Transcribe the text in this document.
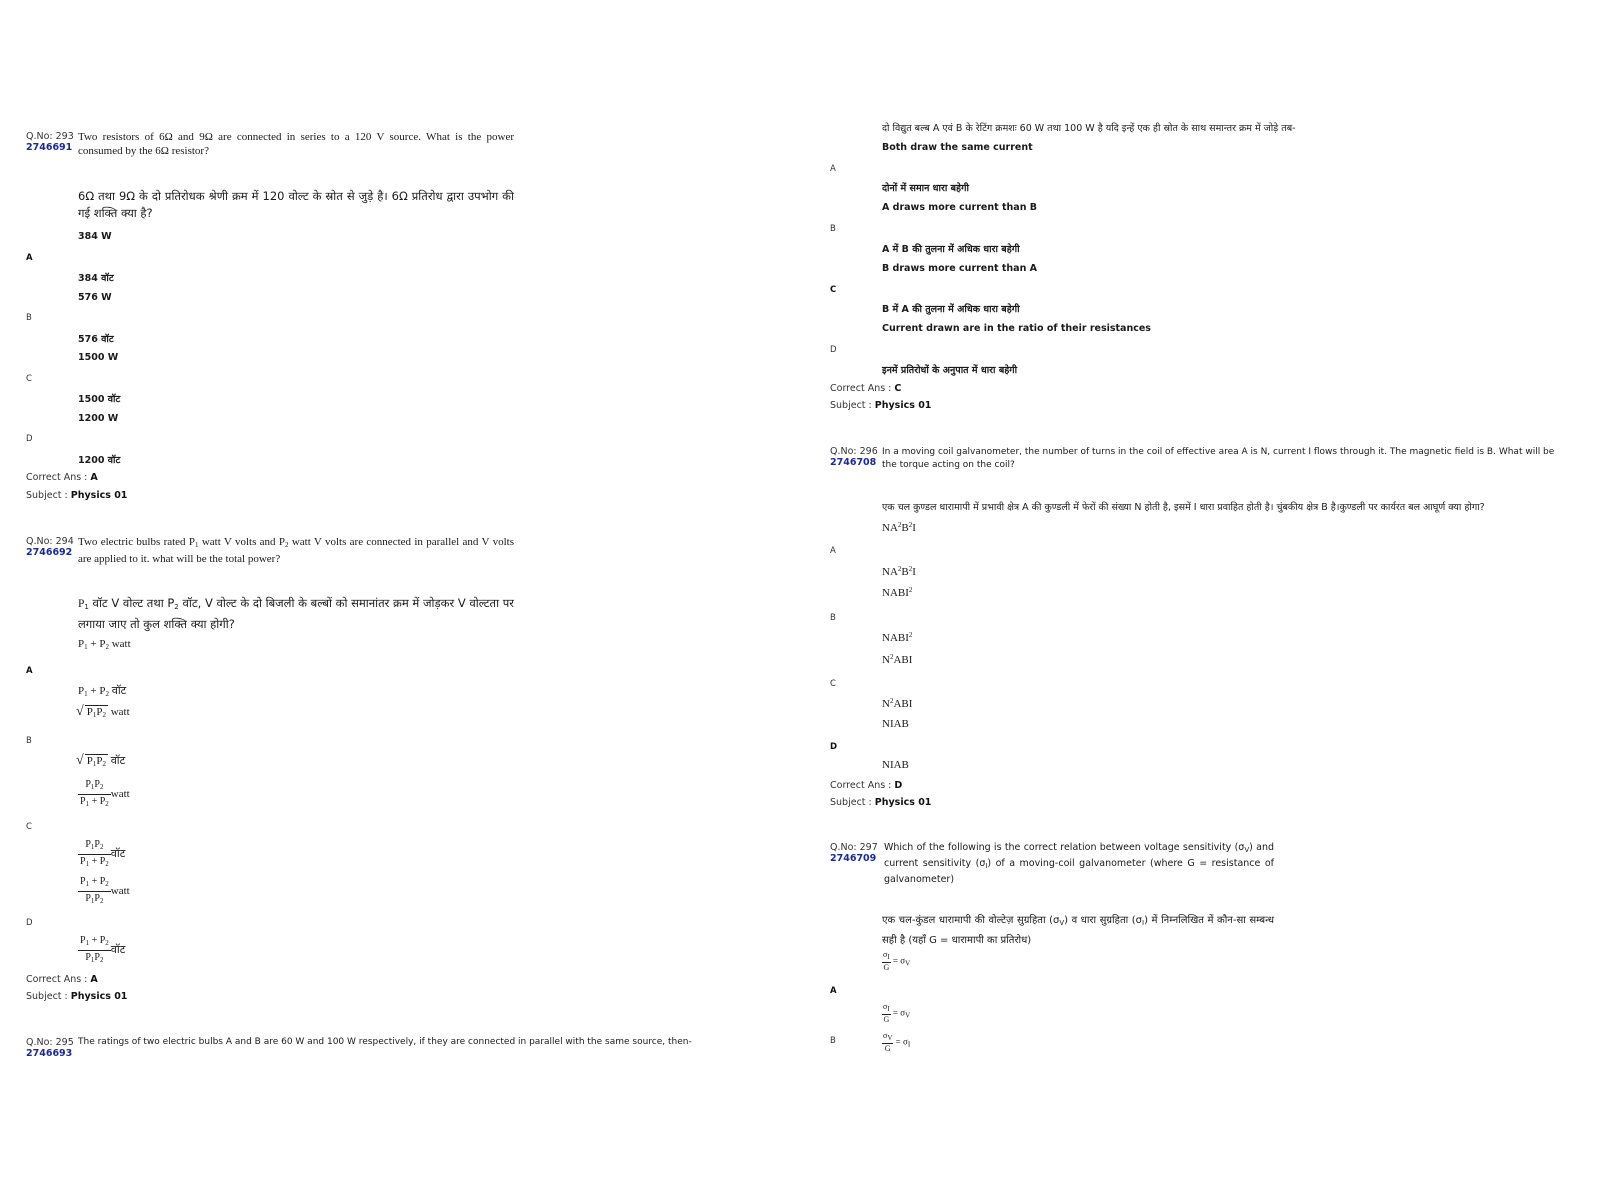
Q.No: 293
2746691
Two resistors of 6Ω and 9Ω are connected in series to a 120 V source. What is the power consumed by the 6Ω resistor?
6Ω तथा 9Ω के दो प्रतिरोधक श्रेणी क्रम में 120 वोल्ट के स्रोत से जुड़े है। 6Ω प्रतिरोध द्वारा उपभोग की गई शक्ति क्या है?
384 W
A
384 वॉट
576 W
B
576 वॉट
1500 W
C
1500 वॉट
1200 W
D
1200 वॉट
Correct Ans : A
Subject : Physics 01
Q.No: 294
2746692
Two electric bulbs rated $P_1$ watt V volts and $P_2$ watt V volts are connected in parallel and V volts are applied to it. what will be the total power?
$P_1$ वॉट V वोल्ट तथा $P_2$ वॉट, V वोल्ट के दो बिजली के बल्बों को समानांतर क्रम में जोड़कर V वोल्टता पर लगाया जाए तो कुल शक्ति क्या होगी?
$P_1 + P_2$ watt
A
$P_1 + P_2$ वॉट
√ $P_1P_2$ watt
B
√ $P_1P_2$ वॉट
$\frac{P_1P_2}{P_1 + P_2}$ watt
C
$\frac{P_1P_2}{P_1 + P_2}$ वॉट
$\frac{P_1 + P_2}{P_1P_2}$ watt
D
$\frac{P_1 + P_2}{P_1P_2}$ वॉट
Correct Ans : A
Subject : Physics 01
Q.No: 295
2746693
The ratings of two electric bulbs A and B are 60 W and 100 W respectively, if they are connected in parallel with the same source, then-
दो विद्युत बल्ब A एवं B के रेटिंग क्रमशः 60 W तथा 100 W है यदि इन्हें एक ही स्रोत के साथ समान्तर क्रम में जोड़े तब-
Both draw the same current
A
दोनों में समान धारा बहेगी
A draws more current than B
B
A में B की तुलना में अधिक धारा बहेगी
B draws more current than A
C
B में A की तुलना में अधिक धारा बहेगी
Current drawn are in the ratio of their resistances
D
इनमें प्रतिरोधों के अनुपात में धारा बहेगी
Correct Ans : C
Subject : Physics 01
Q.No: 296
2746708
In a moving coil galvanometer, the number of turns in the coil of effective area A is N, current I flows through it. The magnetic field is B. What will be the torque acting on the coil?
एक चल कुण्डल धारामापी में प्रभावी क्षेत्र A की कुण्डली में फेरों की संख्या N होती है, इसमें I धारा प्रवाहित होती है। चुंबकीय क्षेत्र B है।कुण्डली पर कार्यरत बल आघूर्ण क्या होगा?
$NA^2B^2I$
A
$NA^2B^2I$
NABI$^2$
B
NABI$^2$
$N^2ABI$
C
$N^2ABI$
NIAB
D
NIAB
Correct Ans : D
Subject : Physics 01
Q.No: 297
2746709
Which of the following is the correct relation between voltage sensitivity $(\sigma_V)$ and current sensitivity $(\sigma_I)$ of a moving-coil galvanometer (where G = resistance of galvanometer)
एक चल-कुंडल धारामापी की वोल्टेज़ सुग्रहिता $(\sigma_V)$ व धारा सुग्रहिता $(\sigma_I)$ में निम्नलिखित में कौन-सा सम्बन्ध सही है (यहाँ G = धारामापी का प्रतिरोध)
$\frac{\sigma I}{G} = \sigma_V$
A
$\frac{\sigma I}{G} = \sigma_V$
B	$\frac{\sigma V}{G} = \sigma_I$
